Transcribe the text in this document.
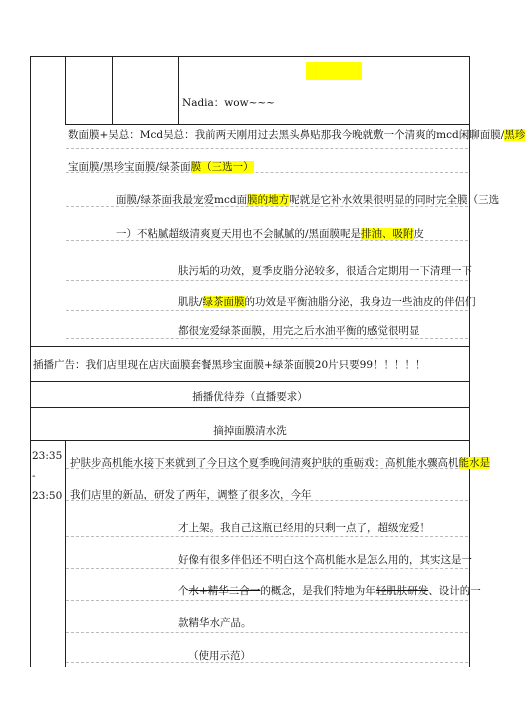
Nadia：wow~~~
数面膜+吴总：Mcd吴总：我前两天刚用过去黑头鼻贴那我今晚就敷一个清爽的mcd闲聊面膜/黑珍
宝面膜/黑珍宝面膜/绿茶面膜（三选一）
面膜/绿茶面我最宠爱mcd面膜的地方呢就是它补水效果很明显的同时完全膜（三选
一）不粘腻超级清爽夏天用也不会腻腻的/黑面膜呢是排油、吸附皮
肤污垢的功效，夏季皮脂分泌较多，很适合定期用一下清理一下
肌肤/绿茶面膜的功效是平衡油脂分泌，我身边一些油皮的伴侣们
都很宠爱绿茶面膜，用完之后水油平衡的感觉很明显
插播广告：我们店里现在店庆面膜套餐黑珍宝面膜+绿茶面膜20片只要99！！！！！
插播优待券（直播要求）
摘掉面膜清水洗
23:35 - 23:50
护肤步高机能水接下来就到了今日这个夏季晚间清爽护肤的重砺戏：高机能水骤高机能水是
我们店里的新品，研发了两年，调整了很多次，今年
才上架。我自己这瓶已经用的只剩一点了，超级宠爱！
好像有很多伴侣还不明白这个高机能水是怎么用的，其实这是一
个水+精华二合一的概念，是我们特地为年轻肌肤研发、设计的一
款精华水产品。
（使用示范）
